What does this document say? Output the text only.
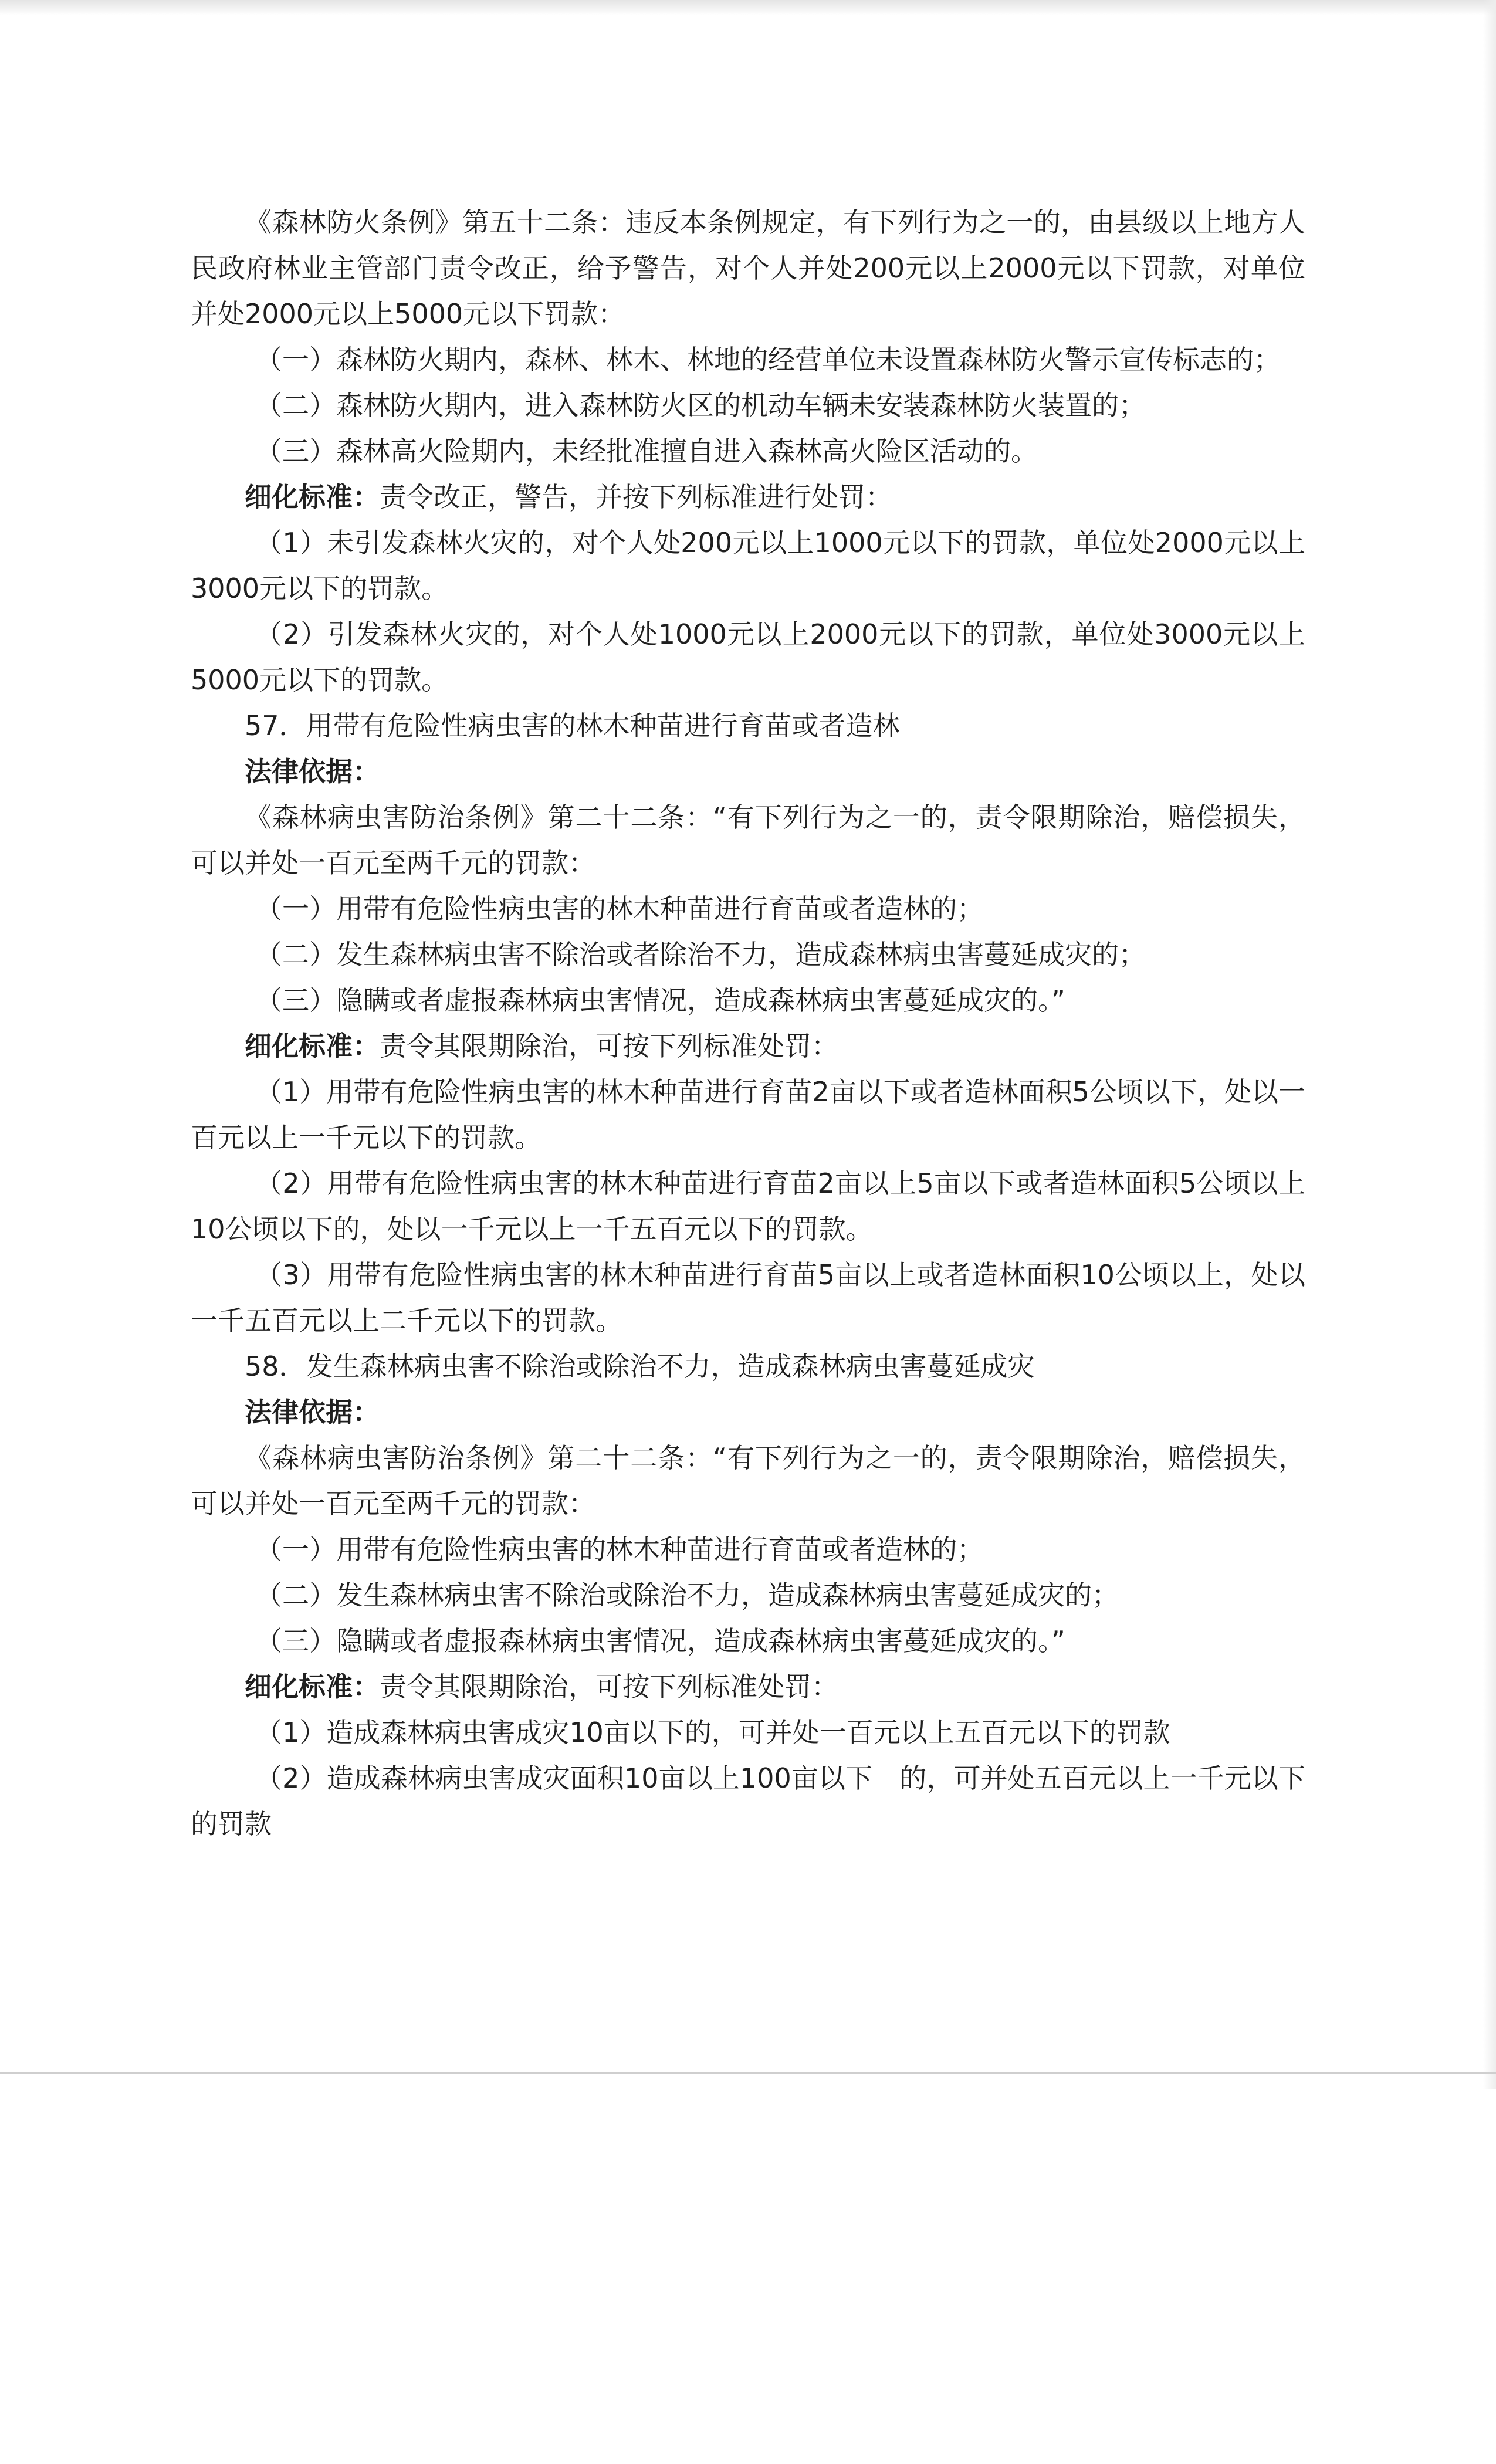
《森林防火条例》第五十二条：违反本条例规定，有下列行为之一的，由县级以上地方人民政府林业主管部门责令改正，给予警告，对个人并处200元以上2000元以下罚款，对单位并处2000元以上5000元以下罚款：

（一）森林防火期内，森林、林木、林地的经营单位未设置森林防火警示宣传标志的；

（二）森林防火期内，进入森林防火区的机动车辆未安装森林防火装置的；

（三）森林高火险期内，未经批准擅自进入森林高火险区活动的。

细化标准：责令改正，警告，并按下列标准进行处罚：

（1）未引发森林火灾的，对个人处200元以上1000元以下的罚款，单位处2000元以上3000元以下的罚款。

（2）引发森林火灾的，对个人处1000元以上2000元以下的罚款，单位处3000元以上5000元以下的罚款。

57．用带有危险性病虫害的林木种苗进行育苗或者造林

法律依据：

《森林病虫害防治条例》第二十二条：“有下列行为之一的，责令限期除治，赔偿损失，可以并处一百元至两千元的罚款：

（一）用带有危险性病虫害的林木种苗进行育苗或者造林的；

（二）发生森林病虫害不除治或者除治不力，造成森林病虫害蔓延成灾的；

（三）隐瞒或者虚报森林病虫害情况，造成森林病虫害蔓延成灾的。”

细化标准：责令其限期除治，可按下列标准处罚：

（1）用带有危险性病虫害的林木种苗进行育苗2亩以下或者造林面积5公顷以下，处以一百元以上一千元以下的罚款。

（2）用带有危险性病虫害的林木种苗进行育苗2亩以上5亩以下或者造林面积5公顷以上10公顷以下的，处以一千元以上一千五百元以下的罚款。

（3）用带有危险性病虫害的林木种苗进行育苗5亩以上或者造林面积10公顷以上，处以一千五百元以上二千元以下的罚款。

58．发生森林病虫害不除治或除治不力，造成森林病虫害蔓延成灾

法律依据：

《森林病虫害防治条例》第二十二条：“有下列行为之一的，责令限期除治，赔偿损失，可以并处一百元至两千元的罚款：

（一）用带有危险性病虫害的林木种苗进行育苗或者造林的；

（二）发生森林病虫害不除治或除治不力，造成森林病虫害蔓延成灾的；

（三）隐瞒或者虚报森林病虫害情况，造成森林病虫害蔓延成灾的。”

细化标准：责令其限期除治，可按下列标准处罚：

（1）造成森林病虫害成灾10亩以下的，可并处一百元以上五百元以下的罚款

（2）造成森林病虫害成灾面积10亩以上100亩以下　的，可并处五百元以上一千元以下的罚款
